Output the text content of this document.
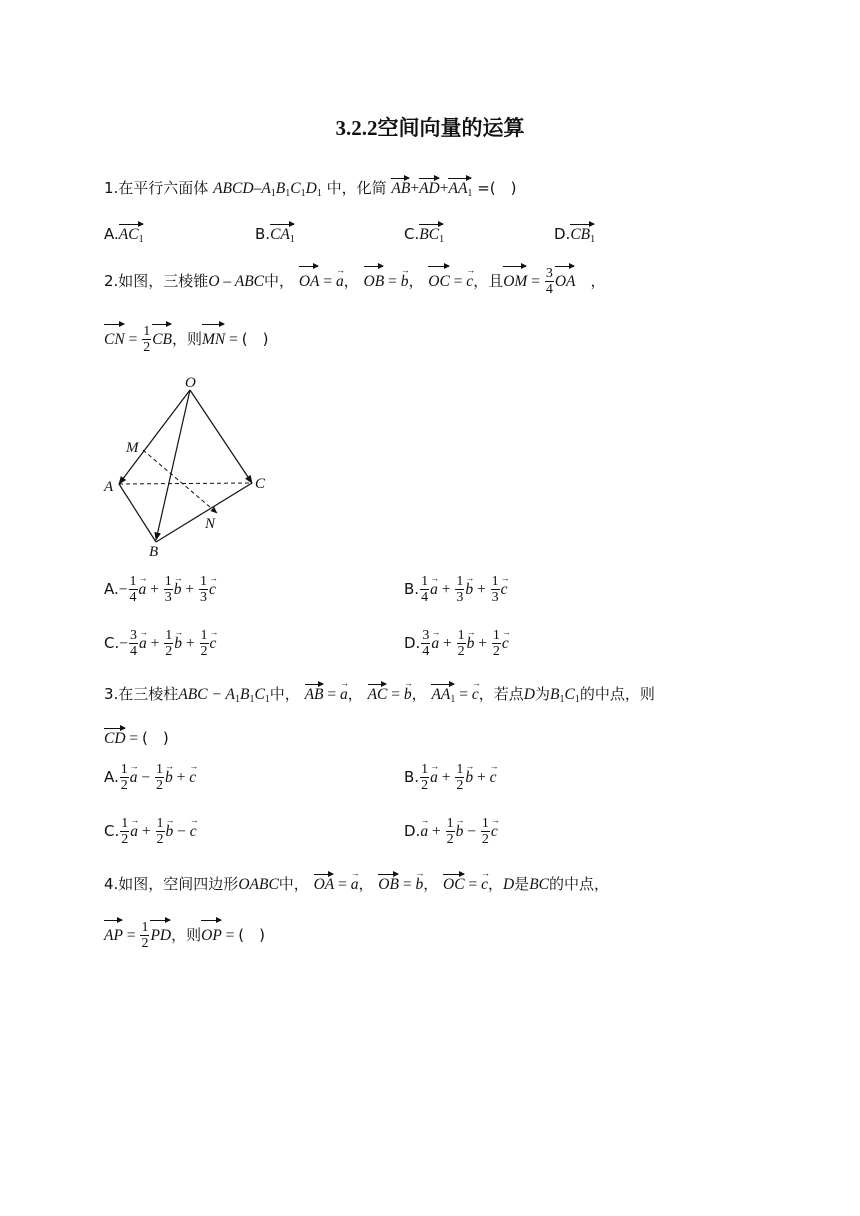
3.2.2空间向量的运算
1.在平行六面体 ABCD–$A_1B_1C_1D_1$ 中，化简 $AB+AD+AA_1$ =(　)
$A.AC_1$	$B.CA_1$	$C.BC_1$	$D.CB_1$
2.如图，三棱锥O – ABC中， OA = a →， OB = b →， OC = c →，且OM = $\frac{3}{4}$ OA　，
CN = $\frac{1}{2}$ CB，则MN = (　)
O
M
A	C
N
B
$A.- \frac{1}{4}$ a → + $\frac{1}{3}$ b → + $\frac{1}{3}$ c →	B. $\frac{1}{4}$ a → + $\frac{1}{3}$ b → + $\frac{1}{3}$ c →
$C.- \frac{3}{4}$ a → + $\frac{1}{2}$ b → + $\frac{1}{2}$ c →	D. $\frac{3}{4}$ a → + $\frac{1}{2}$ b → + $\frac{1}{2}$ c →
3.在三棱柱ABC − $A_1B_1C_1$中， AB = a →， AC = b →， $AA_1 = c$ →，若点D为$B_1C_1$的中点，则
CD = (　)
A. $\frac{1}{2}$ a → − $\frac{1}{2}$ b → + c →	B. $\frac{1}{2}$ a → + $\frac{1}{2}$ b → + c →
C. $\frac{1}{2}$ a → + $\frac{1}{2}$ b → − c →	D.a → + $\frac{1}{2}$ b → − $\frac{1}{2}$ c →
4.如图，空间四边形OABC中， OA = a →， OB = b →， OC = c →，D是BC的中点，
AP = $\frac{1}{2}$ PD，则OP = (　)
